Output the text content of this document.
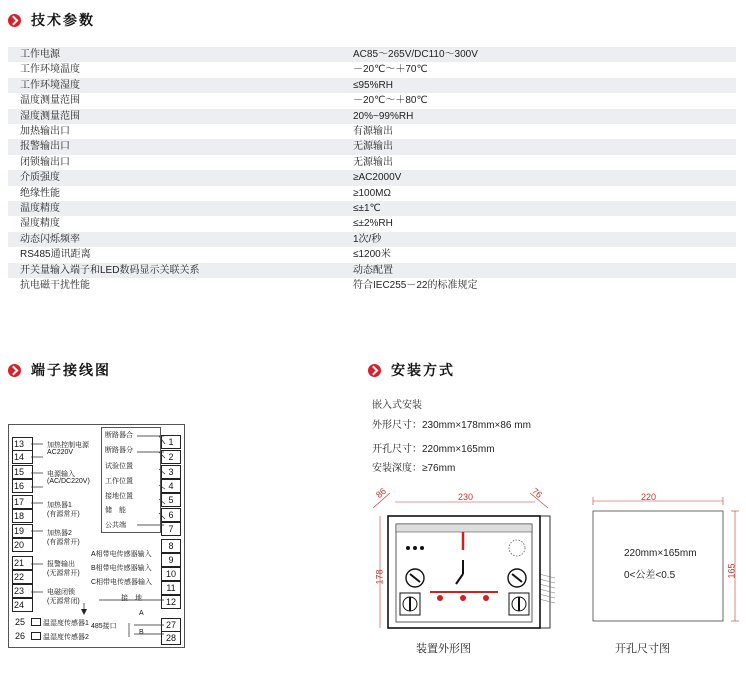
技术参数
工作电源	AC85～265V/DC110～300V
工作环境温度	－20℃～＋70℃
工作环境湿度	≤95%RH
温度测量范围	－20℃～＋80℃
湿度测量范围	20%~99%RH
加热输出口	有源输出
报警输出口	无源输出
闭锁输出口	无源输出
介质强度	≥AC2000V
绝缘性能	≥100MΩ
温度精度	≤±1℃
湿度精度	≤±2%RH
动态闪烁频率	1次/秒
RS485通讯距离	≤1200米
开关量输入端子和LED数码显示关联关系	动态配置
抗电磁干扰性能	符合IEC255－22的标准规定
端子接线图	安装方式
嵌入式安装
外形尺寸：230mm×178mm×86 mm
开孔尺寸：220mm×165mm
安装深度：≥76mm
86	230	76
178
装置外形图
220
165
220mm×165mm
0<公差<0.5
开孔尺寸图
13
14
15
16
17
18
19
20
21
22
23
24
1
2
3
4
5
6
7
8
9
10
11
12
27
28
加热控制电源
AC220V
电源输入
(AC/DC220V)
加热器1
(有源常开)
加热器2
(有源常开)
报警输出
(无源常开)
电磁闭锁
(无源常闭)
25	温湿度传感器1
26	温湿度传感器2
断路器合
断路器分
试验位置
工作位置
接地位置
储　能
公共端
A相带电传感器输入
B相带电传感器输入
C相带电传感器输入
接　地
A
B
485接口
